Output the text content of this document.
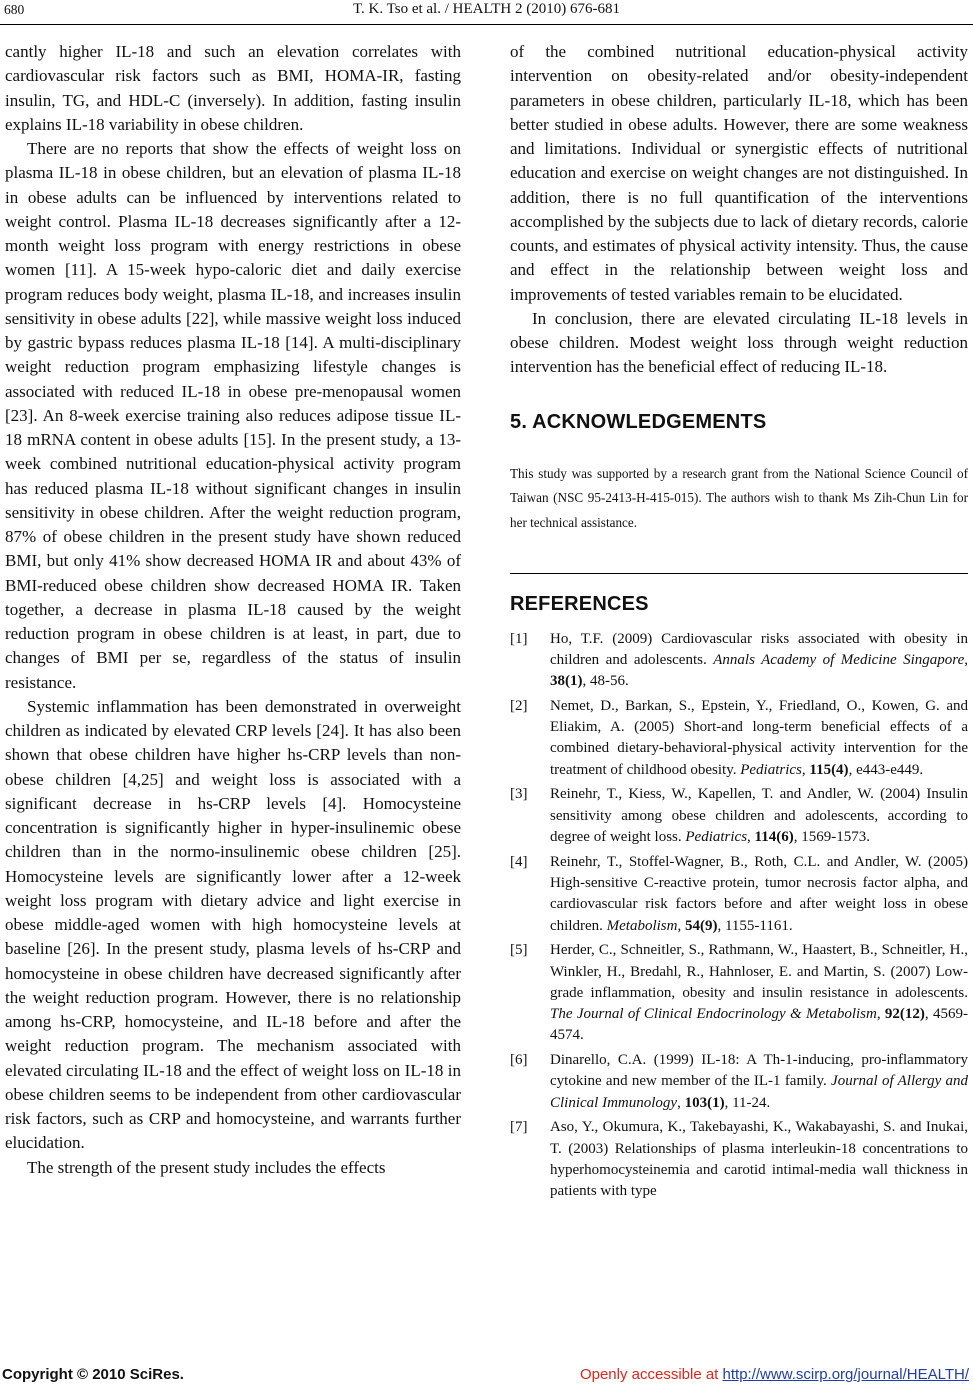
680	T. K. Tso et al. / HEALTH 2 (2010) 676-681

cantly higher IL-18 and such an elevation correlates with cardiovascular risk factors such as BMI, HOMA-IR, fasting insulin, TG, and HDL-C (inversely). In addition, fasting insulin explains IL-18 variability in obese children.

There are no reports that show the effects of weight loss on plasma IL-18 in obese children, but an elevation of plasma IL-18 in obese adults can be influenced by interventions related to weight control. Plasma IL-18 decreases significantly after a 12-month weight loss program with energy restrictions in obese women [11]. A 15-week hypo-caloric diet and daily exercise program reduces body weight, plasma IL-18, and increases insulin sensitivity in obese adults [22], while massive weight loss induced by gastric bypass reduces plasma IL-18 [14]. A multi-disciplinary weight reduction program emphasizing lifestyle changes is associated with reduced IL-18 in obese pre-menopausal women [23]. An 8-week exercise training also reduces adipose tissue IL-18 mRNA content in obese adults [15]. In the present study, a 13-week combined nutritional education-physical activity program has reduced plasma IL-18 without significant changes in insulin sensitivity in obese children. After the weight reduction program, 87% of obese children in the present study have shown reduced BMI, but only 41% show decreased HOMA IR and about 43% of BMI-reduced obese children show decreased HOMA IR. Taken together, a decrease in plasma IL-18 caused by the weight reduction program in obese children is at least, in part, due to changes of BMI per se, regardless of the status of insulin resistance.

Systemic inflammation has been demonstrated in overweight children as indicated by elevated CRP levels [24]. It has also been shown that obese children have higher hs-CRP levels than non-obese children [4,25] and weight loss is associated with a significant decrease in hs-CRP levels [4]. Homocysteine concentration is significantly higher in hyper-insulinemic obese children than in the normo-insulinemic obese children [25]. Homocysteine levels are significantly lower after a 12-week weight loss program with dietary advice and light exercise in obese middle-aged women with high homocysteine levels at baseline [26]. In the present study, plasma levels of hs-CRP and homocysteine in obese children have decreased significantly after the weight reduction program. However, there is no relationship among hs-CRP, homocysteine, and IL-18 before and after the weight reduction program. The mechanism associated with elevated circulating IL-18 and the effect of weight loss on IL-18 in obese children seems to be independent from other cardiovascular risk factors, such as CRP and homocysteine, and warrants further elucidation.

The strength of the present study includes the effects

of the combined nutritional education-physical activity intervention on obesity-related and/or obesity-independent parameters in obese children, particularly IL-18, which has been better studied in obese adults. However, there are some weakness and limitations. Individual or synergistic effects of nutritional education and exercise on weight changes are not distinguished. In addition, there is no full quantification of the interventions accomplished by the subjects due to lack of dietary records, calorie counts, and estimates of physical activity intensity. Thus, the cause and effect in the relationship between weight loss and improvements of tested variables remain to be elucidated.

In conclusion, there are elevated circulating IL-18 levels in obese children. Modest weight loss through weight reduction intervention has the beneficial effect of reducing IL-18.

5. ACKNOWLEDGEMENTS

This study was supported by a research grant from the National Science Council of Taiwan (NSC 95-2413-H-415-015). The authors wish to thank Ms Zih-Chun Lin for her technical assistance.

REFERENCES
[1] Ho, T.F. (2009) Cardiovascular risks associated with obesity in children and adolescents. Annals Academy of Medicine Singapore, 38(1), 48-56.
[2] Nemet, D., Barkan, S., Epstein, Y., Friedland, O., Kowen, G. and Eliakim, A. (2005) Short-and long-term beneficial effects of a combined dietary-behavioral-physical activity intervention for the treatment of childhood obesity. Pediatrics, 115(4), e443-e449.
[3] Reinehr, T., Kiess, W., Kapellen, T. and Andler, W. (2004) Insulin sensitivity among obese children and adolescents, according to degree of weight loss. Pediatrics, 114(6), 1569-1573.
[4] Reinehr, T., Stoffel-Wagner, B., Roth, C.L. and Andler, W. (2005) High-sensitive C-reactive protein, tumor necrosis factor alpha, and cardiovascular risk factors before and after weight loss in obese children. Metabolism, 54(9), 1155-1161.
[5] Herder, C., Schneitler, S., Rathmann, W., Haastert, B., Schneitler, H., Winkler, H., Bredahl, R., Hahnloser, E. and Martin, S. (2007) Low-grade inflammation, obesity and insulin resistance in adolescents. The Journal of Clinical Endocrinology & Metabolism, 92(12), 4569-4574.
[6] Dinarello, C.A. (1999) IL-18: A Th-1-inducing, pro-inflammatory cytokine and new member of the IL-1 family. Journal of Allergy and Clinical Immunology, 103(1), 11-24.
[7] Aso, Y., Okumura, K., Takebayashi, K., Wakabayashi, S. and Inukai, T. (2003) Relationships of plasma interleukin-18 concentrations to hyperhomocysteinemia and carotid intimal-media wall thickness in patients with type
Copyright © 2010 SciRes.	Openly accessible at http://www.scirp.org/journal/HEALTH/
